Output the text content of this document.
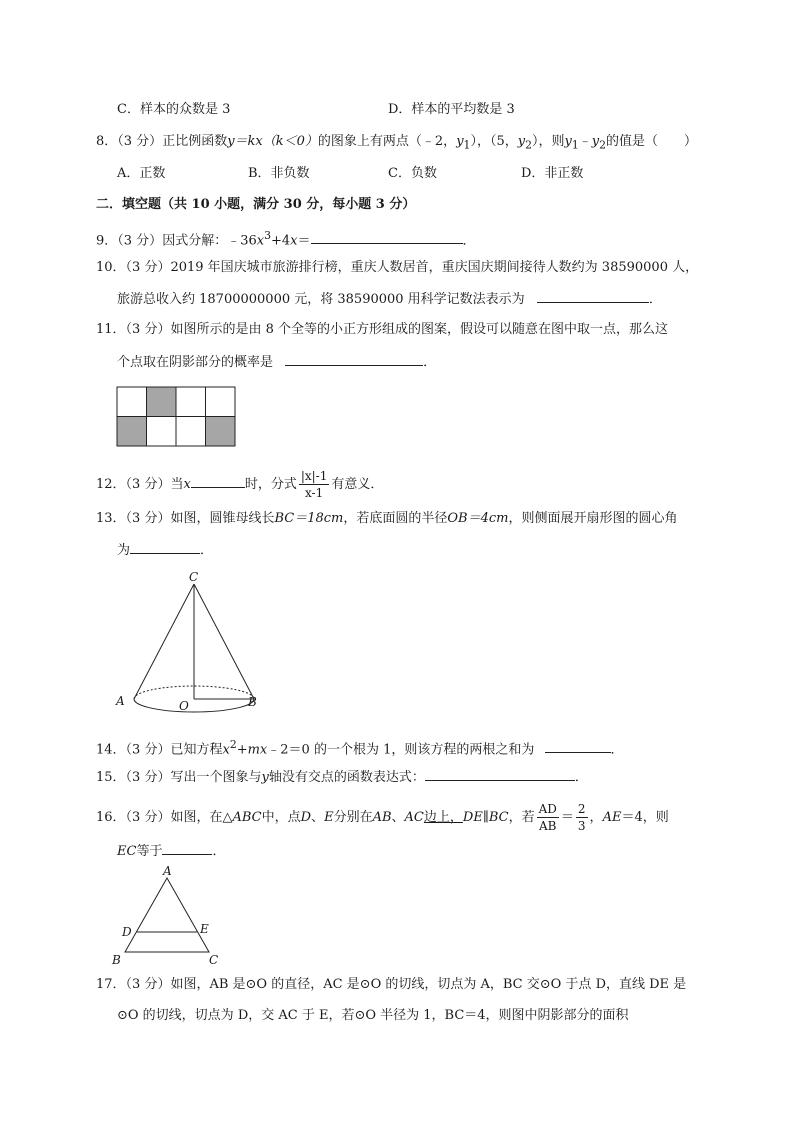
C．样本的众数是 3	D．样本的平均数是 3
8．（3 分）正比例函数y＝kx（k＜0）的图象上有两点（﹣2，$y_1$），（5，$y_2$），则$y_1﹣y_2$的值是（　　）
A．正数	B．非负数	C．负数	D．非正数
二．填空题（共 10 小题，满分 30 分，每小题 3 分）
9．（3 分）因式分解：$﹣36x^3+4x=$	．
10．（3 分）2019 年国庆城市旅游排行榜，重庆人数居首，重庆国庆期间接待人数约为 38590000 人，
旅游总收入约 18700000000 元，将 38590000 用科学记数法表示为	．
11．（3 分）如图所示的是由 8 个全等的小正方形组成的图案，假设可以随意在图中取一点，那么这
个点取在阴影部分的概率是	．
12．（3 分）当x	时，分式 $\frac{|x|-1}{x-1}$ 有意义．
13．（3 分）如图，圆锥母线长BC＝18cm，若底面圆的半径OB＝4cm，则侧面展开扇形图的圆心角
为	．
C
A	O	B
14．（3 分）已知方程$x^2+mx﹣2=0$ 的一个根为 1，则该方程的两根之和为	．
15．（3 分）写出一个图象与y轴没有交点的函数表达式：	．
16．（3 分）如图，在△ABC中，点D、E分别在AB、AC边上，DE∥BC，若 $\frac{AD}{AB} = \frac{2}{3}$ ，AE＝4，则
EC等于	．
A
D	E
B	C
17．（3 分）如图，AB 是⊙O 的直径，AC 是⊙O 的切线，切点为 A，BC 交⊙O 于点 D，直线 DE 是
⊙O 的切线，切点为 D，交 AC 于 E，若⊙O 半径为 1，BC＝4，则图中阴影部分的面积
